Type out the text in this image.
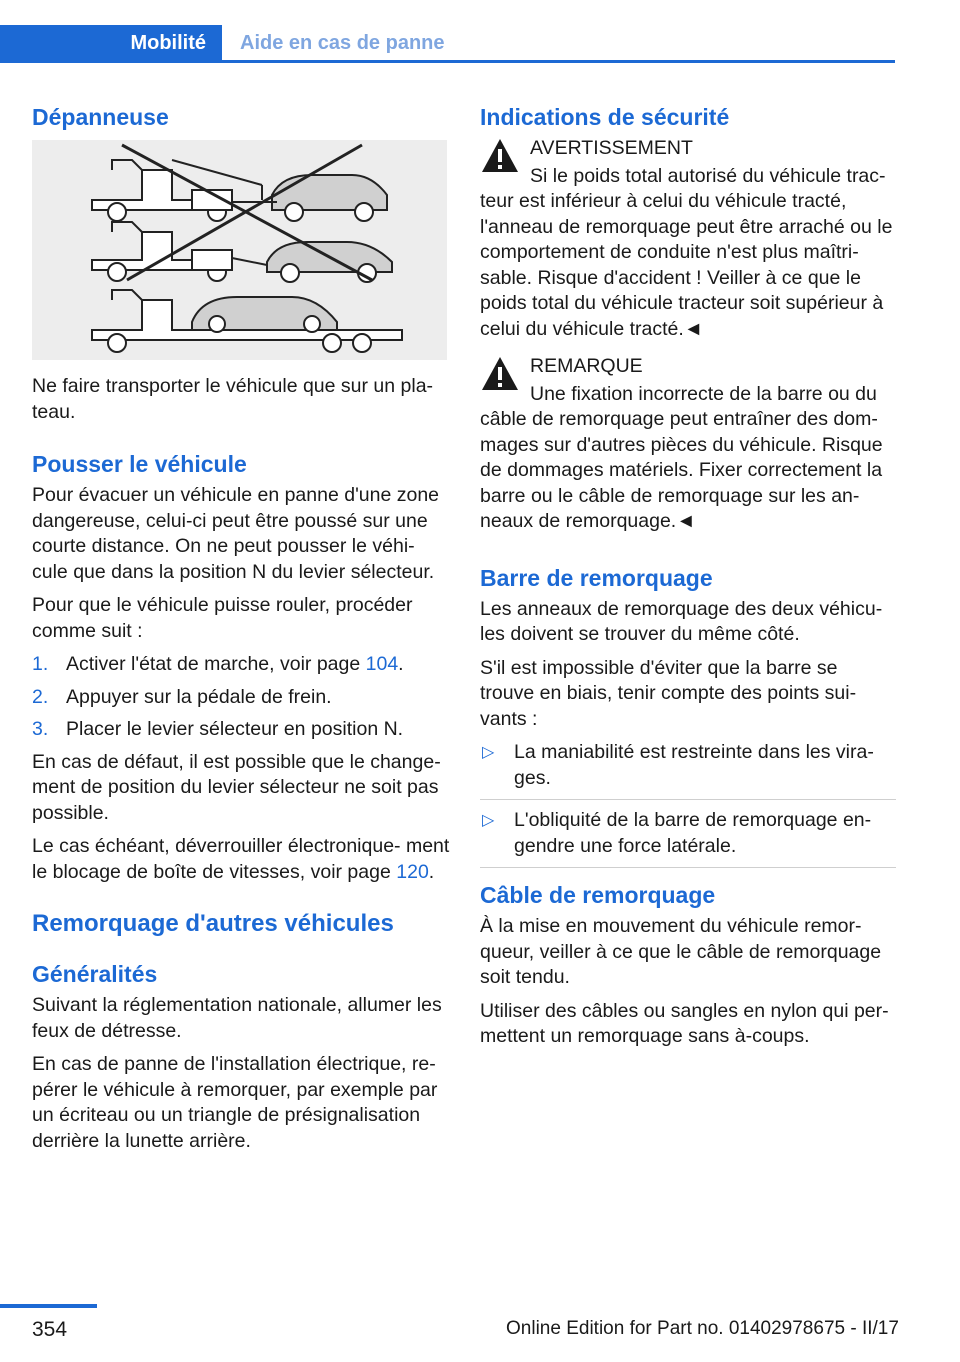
Mobilité	Aide en cas de panne
Dépanneuse

Ne faire transporter le véhicule que sur un pla- teau.

Pousser le véhicule

Pour évacuer un véhicule en panne d'une zone dangereuse, celui-ci peut être poussé sur une courte distance. On ne peut pousser le véhi- cule que dans la position N du levier sélecteur.

Pour que le véhicule puisse rouler, procéder comme suit :

1. Activer l'état de marche, voir page 104.
2. Appuyer sur la pédale de frein.
3. Placer le levier sélecteur en position N.

En cas de défaut, il est possible que le change- ment de position du levier sélecteur ne soit pas possible.

Le cas échéant, déverrouiller électronique- ment le blocage de boîte de vitesses, voir page 120.

Remorquage d'autres véhicules
Généralités

Suivant la réglementation nationale, allumer les feux de détresse.

En cas de panne de l'installation électrique, re- pérer le véhicule à remorquer, par exemple par un écriteau ou un triangle de présignalisation derrière la lunette arrière.

Indications de sécurité

AVERTISSEMENT

Si le poids total autorisé du véhicule trac- teur est inférieur à celui du véhicule tracté, l'anneau de remorquage peut être arraché ou le comportement de conduite n'est plus maîtri- sable. Risque d'accident ! Veiller à ce que le poids total du véhicule tracteur soit supérieur à celui du véhicule tracté.◄

REMARQUE

Une fixation incorrecte de la barre ou du câble de remorquage peut entraîner des dom- mages sur d'autres pièces du véhicule. Risque de dommages matériels. Fixer correctement la barre ou le câble de remorquage sur les an- neaux de remorquage.◄

Barre de remorquage

Les anneaux de remorquage des deux véhicu- les doivent se trouver du même côté.

S'il est impossible d'éviter que la barre se trouve en biais, tenir compte des points sui- vants :

▷	La maniabilité est restreinte dans les vira- ges.
▷	L'obliquité de la barre de remorquage en- gendre une force latérale.
Câble de remorquage

À la mise en mouvement du véhicule remor- queur, veiller à ce que le câble de remorquage soit tendu.

Utiliser des câbles ou sangles en nylon qui per- mettent un remorquage sans à-coups.

354	Online Edition for Part no. 01402978675 - II/17
